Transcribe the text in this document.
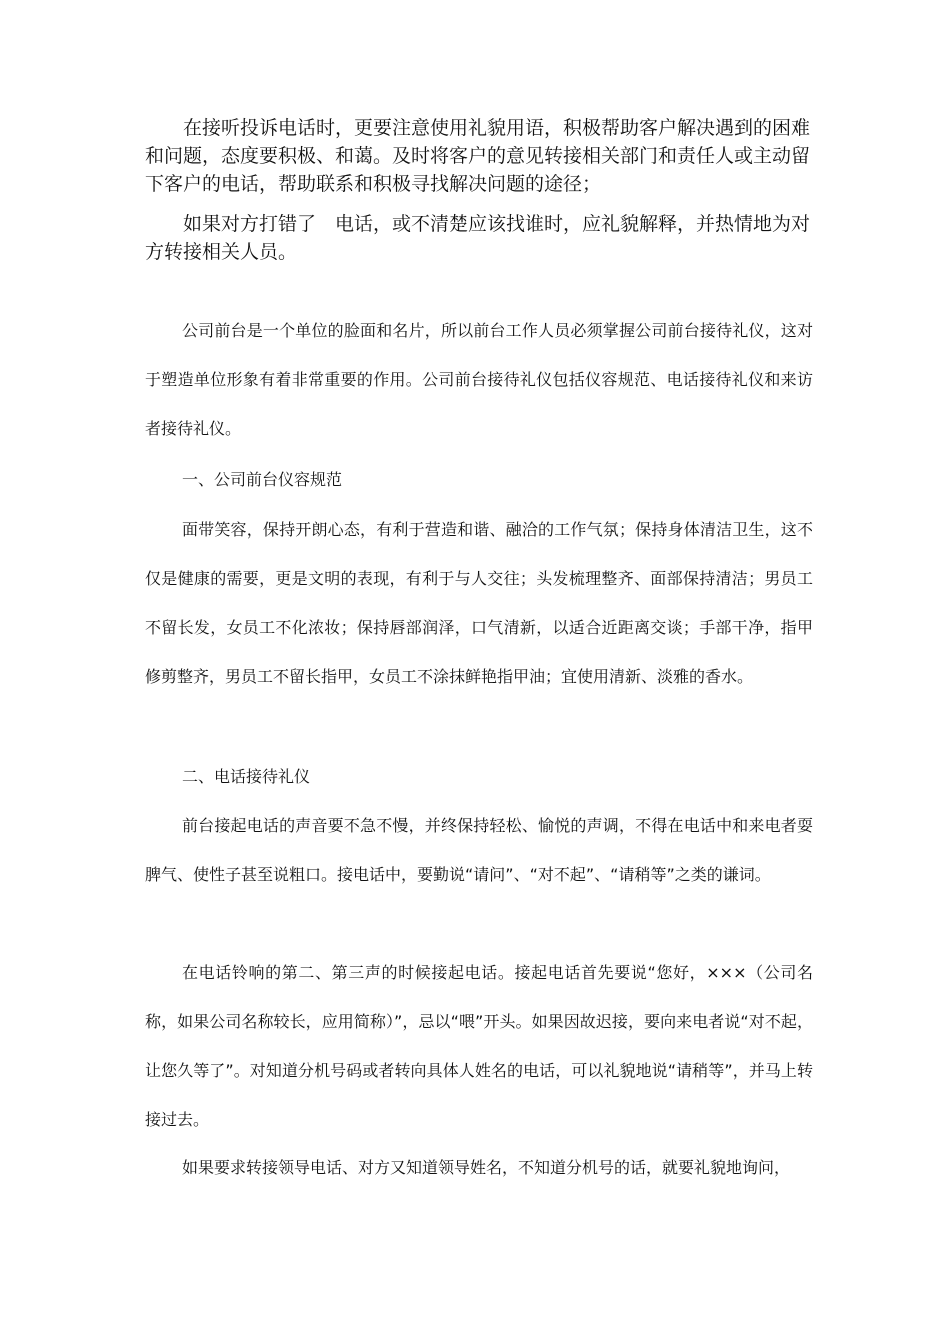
在接听投诉电话时，更要注意使用礼貌用语，积极帮助客户解决遇到的困难和问题，态度要积极、和蔼。及时将客户的意见转接相关部门和责任人或主动留下客户的电话，帮助联系和积极寻找解决问题的途径；

如果对方打错了　电话，或不清楚应该找谁时，应礼貌解释，并热情地为对方转接相关人员。

公司前台是一个单位的脸面和名片，所以前台工作人员必须掌握公司前台接待礼仪，这对于塑造单位形象有着非常重要的作用。公司前台接待礼仪包括仪容规范、电话接待礼仪和来访者接待礼仪。

一、公司前台仪容规范

面带笑容，保持开朗心态，有利于营造和谐、融洽的工作气氛；保持身体清洁卫生，这不仅是健康的需要，更是文明的表现，有利于与人交往；头发梳理整齐、面部保持清洁；男员工不留长发，女员工不化浓妆；保持唇部润泽，口气清新，以适合近距离交谈；手部干净，指甲修剪整齐，男员工不留长指甲，女员工不涂抹鲜艳指甲油；宜使用清新、淡雅的香水。

二、电话接待礼仪

前台接起电话的声音要不急不慢，并终保持轻松、愉悦的声调，不得在电话中和来电者耍脾气、使性子甚至说粗口。接电话中，要勤说“请问”、“对不起”、“请稍等”之类的谦词。

在电话铃响的第二、第三声的时候接起电话。接起电话首先要说“您好，×××（公司名称，如果公司名称较长，应用简称）”，忌以“喂”开头。如果因故迟接，要向来电者说“对不起，让您久等了”。对知道分机号码或者转向具体人姓名的电话，可以礼貌地说“请稍等”，并马上转接过去。

如果要求转接领导电话、对方又知道领导姓名，不知道分机号的话，就要礼貌地询问，
